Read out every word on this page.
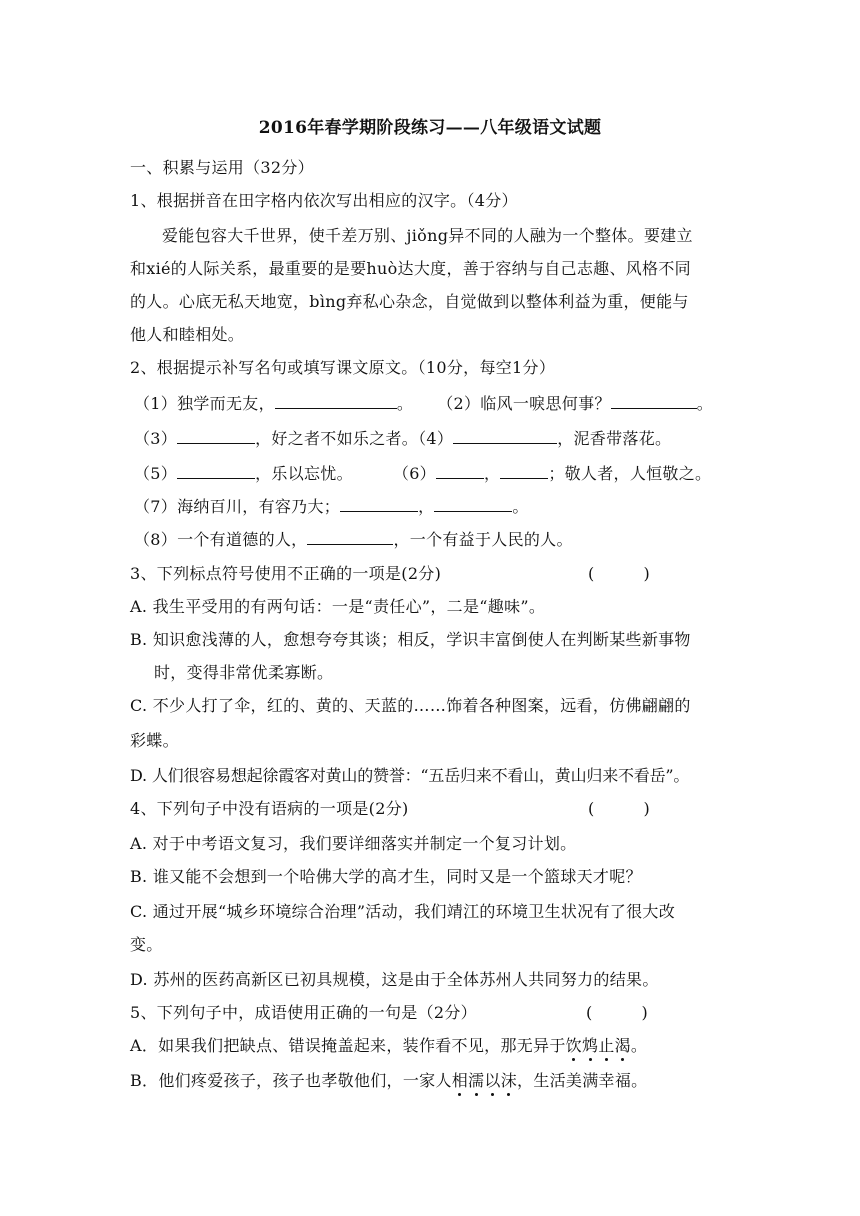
2016年春学期阶段练习——八年级语文试题
一、积累与运用（32分）
1、根据拼音在田字格内依次写出相应的汉字。（4分）
爱能包容大千世界，使千差万别、jiǒng异不同的人融为一个整体。要建立
和xié的人际关系，最重要的是要huò达大度，善于容纳与自己志趣、风格不同
的人。心底无私天地宽，bìng弃私心杂念，自觉做到以整体利益为重，便能与
他人和睦相处。
2、根据提示补写名句或填写课文原文。（10分，每空1分）
（1）独学而无友，	。 （2）临风一唳思何事？	。
（3）	，好之者不如乐之者。（4）	，泥香带落花。
（5）	，乐以忘忧。	（6）	，	；敬人者，人恒敬之。
（7）海纳百川，有容乃大；	，	。
（8）一个有道德的人，	，一个有益于人民的人。
3、下列标点符号使用不正确的一项是(2分)	(　　　)
A. 我生平受用的有两句话：一是“责任心”，二是“趣味”。
B. 知识愈浅薄的人，愈想夸夸其谈；相反，学识丰富倒使人在判断某些新事物
时，变得非常优柔寡断。
C. 不少人打了伞，红的、黄的、天蓝的……饰着各种图案，远看，仿佛翩翩的
彩蝶。
D. 人们很容易想起徐霞客对黄山的赞誉：“五岳归来不看山，黄山归来不看岳”。
4、下列句子中没有语病的一项是(2分)	(　　　)
A. 对于中考语文复习，我们要详细落实并制定一个复习计划。
B. 谁又能不会想到一个哈佛大学的高才生，同时又是一个篮球天才呢？
C. 通过开展“城乡环境综合治理”活动，我们靖江的环境卫生状况有了很大改
变。
D. 苏州的医药高新区已初具规模，这是由于全体苏州人共同努力的结果。
5、下列句子中，成语使用正确的一句是（2分）	(　　　)
A．如果我们把缺点、错误掩盖起来，装作看不见，那无异于饮鸩止渴。
B．他们疼爱孩子，孩子也孝敬他们，一家人相濡以沫，生活美满幸福。
